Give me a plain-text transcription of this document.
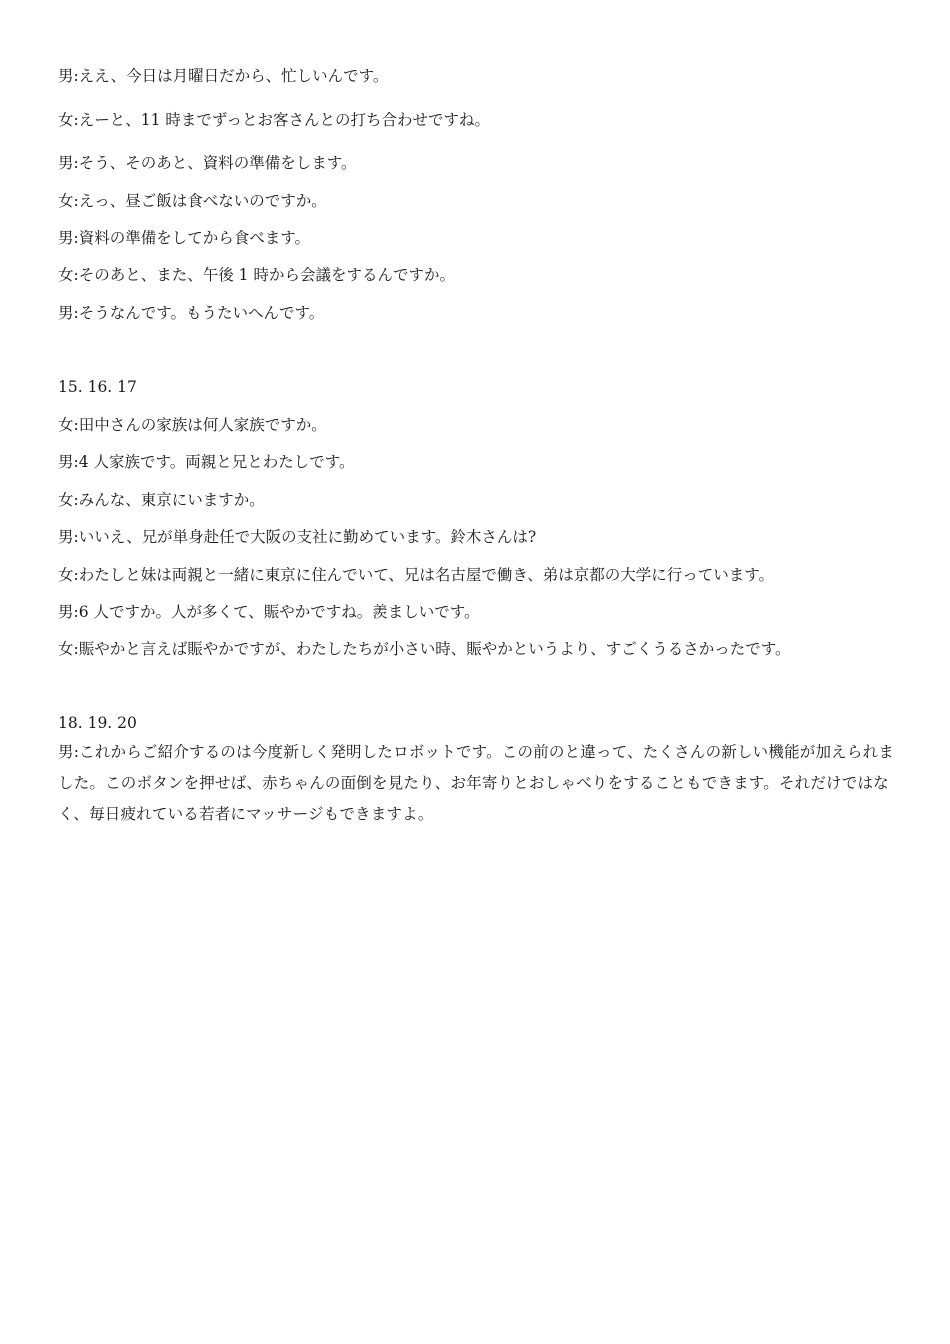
男:ええ、今日は月曜日だから、忙しいんです。
女:えーと、11 時までずっとお客さんとの打ち合わせですね。
男:そう、そのあと、資料の準備をします。
女:えっ、昼ご飯は食べないのですか。
男:資料の準備をしてから食べます。
女:そのあと、また、午後 1 時から会議をするんですか。
男:そうなんです。もうたいへんです。
15. 16. 17
女:田中さんの家族は何人家族ですか。
男:4 人家族です。両親と兄とわたしです。
女:みんな、東京にいますか。
男:いいえ、兄が単身赴任で大阪の支社に勤めています。鈴木さんは?
女:わたしと妹は両親と一緒に東京に住んでいて、兄は名古屋で働き、弟は京都の大学に行っています。
男:6 人ですか。人が多くて、賑やかですね。羨ましいです。
女:賑やかと言えば賑やかですが、わたしたちが小さい時、賑やかというより、すごくうるさかったです。
18. 19. 20
男:これからご紹介するのは今度新しく発明したロボットです。この前のと違って、たくさんの新しい機能が加えられました。このボタンを押せば、赤ちゃんの面倒を見たり、お年寄りとおしゃべりをすることもできます。それだけではなく、毎日疲れている若者にマッサージもできますよ。
